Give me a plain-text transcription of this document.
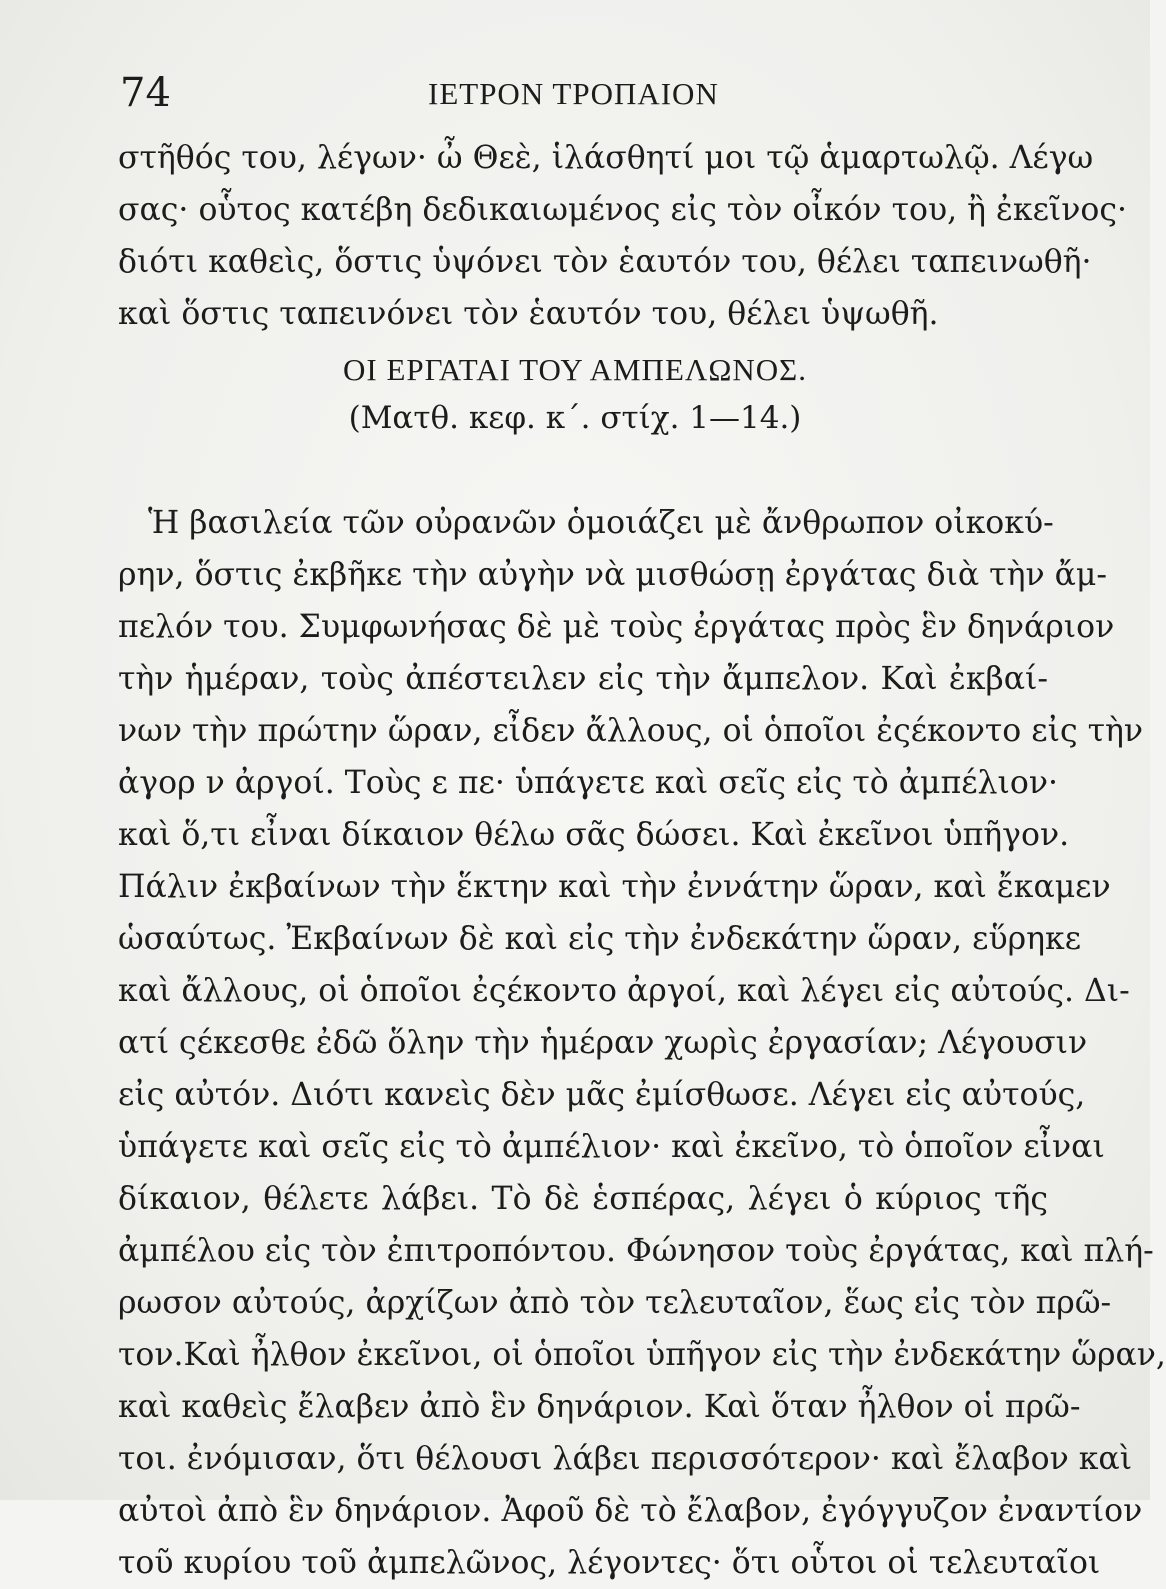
74	ΙΕΤΡΟΝ ΤΡΟΠΑΙΟΝ
στῆθός του, λέγων· ὦ Θεὲ, ἱλάσθητί μοι τῷ ἁμαρτωλῷ. Λέγω
σας· οὗτος κατέβη δεδικαιωμένος εἰς τὸν οἶκόν του, ἢ ἐκεῖνος·
διότι καθεὶς, ὅστις ὑψόνει τὸν ἑαυτόν του, θέλει ταπεινωθῆ·
καὶ ὅστις ταπεινόνει τὸν ἑαυτόν του, θέλει ὑψωθῆ.
ΟΙ ΕΡΓΑΤΑΙ ΤΟΥ ΑΜΠΕΛΩΝΟΣ.
(Ματθ. κεφ. κ΄. στίχ. 1—14.)
Ἡ βασιλεία τῶν οὐρανῶν ὁμοιάζει μὲ ἄνθρωπον οἰκοκύ-
ρην, ὅστις ἐκβῆκε τὴν αὐγὴν νὰ μισθώσῃ ἐργάτας διὰ τὴν ἄμ-
πελόν του. Συμφωνήσας δὲ μὲ τοὺς ἐργάτας πρὸς ἓν δηνάριον
τὴν ἡμέραν, τοὺς ἀπέστειλεν εἰς τὴν ἄμπελον. Καὶ ἐκβαί-
νων τὴν πρώτην ὥραν, εἶδεν ἄλλους, οἱ ὁποῖοι ἐςέκοντο εἰς τὴν
ἀγορ ν ἀργοί. Τοὺς ε πε· ὑπάγετε καὶ σεῖς εἰς τὸ ἀμπέλιον·
καὶ ὅ,τι εἶναι δίκαιον θέλω σᾶς δώσει. Καὶ ἐκεῖνοι ὑπῆγον.
Πάλιν ἐκβαίνων τὴν ἕκτην καὶ τὴν ἐννάτην ὥραν, καὶ ἔκαμεν
ὡσαύτως. Ἐκβαίνων δὲ καὶ εἰς τὴν ἐνδεκάτην ὥραν, εὕρηκε
καὶ ἄλλους, οἱ ὁποῖοι ἐςέκοντο ἀργοί, καὶ λέγει εἰς αὐτούς. Δι-
ατί ςέκεσθε ἐδῶ ὅλην τὴν ἡμέραν χωρὶς ἐργασίαν; Λέγουσιν
εἰς αὐτόν. Διότι κανεὶς δὲν μᾶς ἐμίσθωσε. Λέγει εἰς αὐτούς,
ὑπάγετε καὶ σεῖς εἰς τὸ ἀμπέλιον· καὶ ἐκεῖνο, τὸ ὁποῖον εἶναι
δίκαιον, θέλετε λάβει. Τὸ δὲ ἑσπέρας, λέγει ὁ κύριος τῆς
ἀμπέλου εἰς τὸν ἐπιτροπόντου. Φώνησον τοὺς ἐργάτας, καὶ πλή-
ρωσον αὐτούς, ἀρχίζων ἀπὸ τὸν τελευταῖον, ἕως εἰς τὸν πρῶ-
τον.Καὶ ἦλθον ἐκεῖνοι, οἱ ὁποῖοι ὑπῆγον εἰς τὴν ἐνδεκάτην ὥραν,
καὶ καθεὶς ἔλαβεν ἀπὸ ἓν δηνάριον. Καὶ ὅταν ἦλθον οἱ πρῶ-
τοι. ἐνόμισαν, ὅτι θέλουσι λάβει περισσότερον· καὶ ἔλαβον καὶ
αὐτοὶ ἀπὸ ἓν δηνάριον. Ἀφοῦ δὲ τὸ ἔλαβον, ἐγόγγυζον ἐναντίον
τοῦ κυρίου τοῦ ἀμπελῶνος, λέγοντες· ὅτι οὗτοι οἱ τελευταῖοι
